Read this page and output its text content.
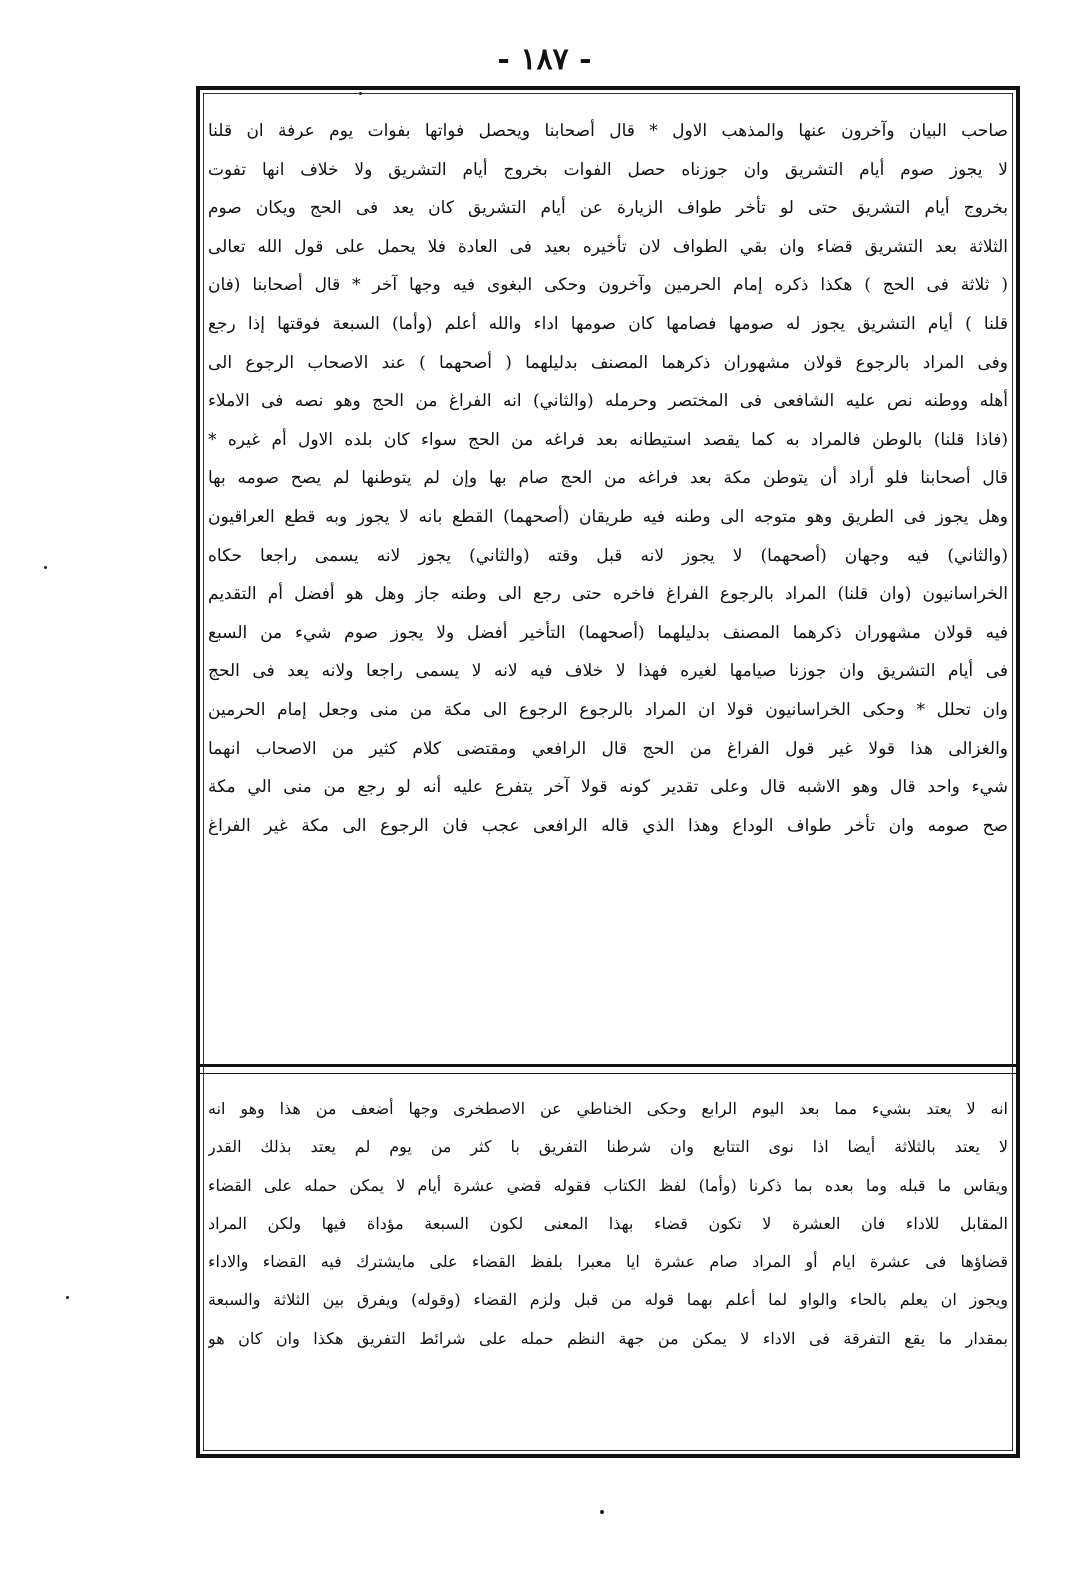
- ١٨٧ -
صاحب البيان وآخرون عنها والمذهب الاول * قال أصحابنا ويحصل فواتها بفوات يوم عرفة ان قلنا
لا يجوز صوم أيام التشريق وان جوزناه حصل الفوات بخروج أيام التشريق ولا خلاف انها تفوت
بخروج أيام التشريق حتى لو تأخر طواف الزيارة عن أيام التشريق كان يعد فى الحج ويكان صوم
الثلاثة بعد التشريق قضاء وان بقي الطواف لان تأخيره بعيد فى العادة فلا يحمل على قول الله تعالى
( ثلاثة فى الحج ) هكذا ذكره إمام الحرمين وآخرون وحكى البغوى فيه وجها آخر * قال أصحابنا (فان
قلنا ) أيام التشريق يجوز له صومها فصامها كان صومها اداء والله أعلم (وأما) السبعة فوقتها إذا رجع
وفى المراد بالرجوع قولان مشهوران ذكرهما المصنف بدليلهما ( أصحهما ) عند الاصحاب الرجوع الى
أهله ووطنه نص عليه الشافعى فى المختصر وحرمله (والثاني) انه الفراغ من الحج وهو نصه فى الاملاء
(فاذا قلنا) بالوطن فالمراد به كما يقصد استيطانه بعد فراغه من الحج سواء كان بلده الاول أم غيره *
قال أصحابنا فلو أراد أن يتوطن مكة بعد فراغه من الحج صام بها وإن لم يتوطنها لم يصح صومه بها
وهل يجوز فى الطريق وهو متوجه الى وطنه فيه طريقان (أصحهما) القطع بانه لا يجوز وبه قطع العراقيون
(والثاني) فيه وجهان (أصحهما) لا يجوز لانه قبل وقته (والثاني) يجوز لانه يسمى راجعا حكاه
الخراسانيون (وان قلنا) المراد بالرجوع الفراغ فاخره حتى رجع الى وطنه جاز وهل هو أفضل أم التقديم
فيه قولان مشهوران ذكرهما المصنف بدليلهما (أصحهما) التأخير أفضل ولا يجوز صوم شيء من السبع
فى أيام التشريق وان جوزنا صيامها لغيره فهذا لا خلاف فيه لانه لا يسمى راجعا ولانه يعد فى الحج
وان تحلل * وحكى الخراسانيون قولا ان المراد بالرجوع الرجوع الى مكة من منى وجعل إمام الحرمين
والغزالى هذا قولا غير قول الفراغ من الحج قال الرافعي ومقتضى كلام كثير من الاصحاب انهما
شيء واحد قال وهو الاشبه قال وعلى تقدير كونه قولا آخر يتفرع عليه أنه لو رجع من منى الي مكة
صح صومه وان تأخر طواف الوداع وهذا الذي قاله الرافعى عجب فان الرجوع الى مكة غير الفراغ
انه لا يعتد بشيء مما بعد اليوم الرابع وحكى الخناطي عن الاصطخرى وجها أضعف من هذا وهو انه
لا يعتد بالثلاثة أيضا اذا نوى التتابع وان شرطنا التفريق با كثر من يوم لم يعتد بذلك القدر
ويقاس ما قبله وما بعده بما ذكرنا (وأما) لفظ الكتاب فقوله قضي عشرة أيام لا يمكن حمله على القضاء
المقابل للاداء فان العشرة لا تكون قضاء بهذا المعنى لكون السبعة مؤداة فيها ولكن المراد
قضاؤها فى عشرة ايام أو المراد صام عشرة ايا معبرا بلفظ القضاء على مايشترك فيه القضاء والاداء
ويجوز ان يعلم بالحاء والواو لما أعلم بهما قوله من قبل ولزم القضاء (وقوله) ويفرق بين الثلاثة والسبعة
بمقدار ما يقع التفرقة فى الاداء لا يمكن من جهة النظم حمله على شرائط التفريق هكذا وان كان هو
